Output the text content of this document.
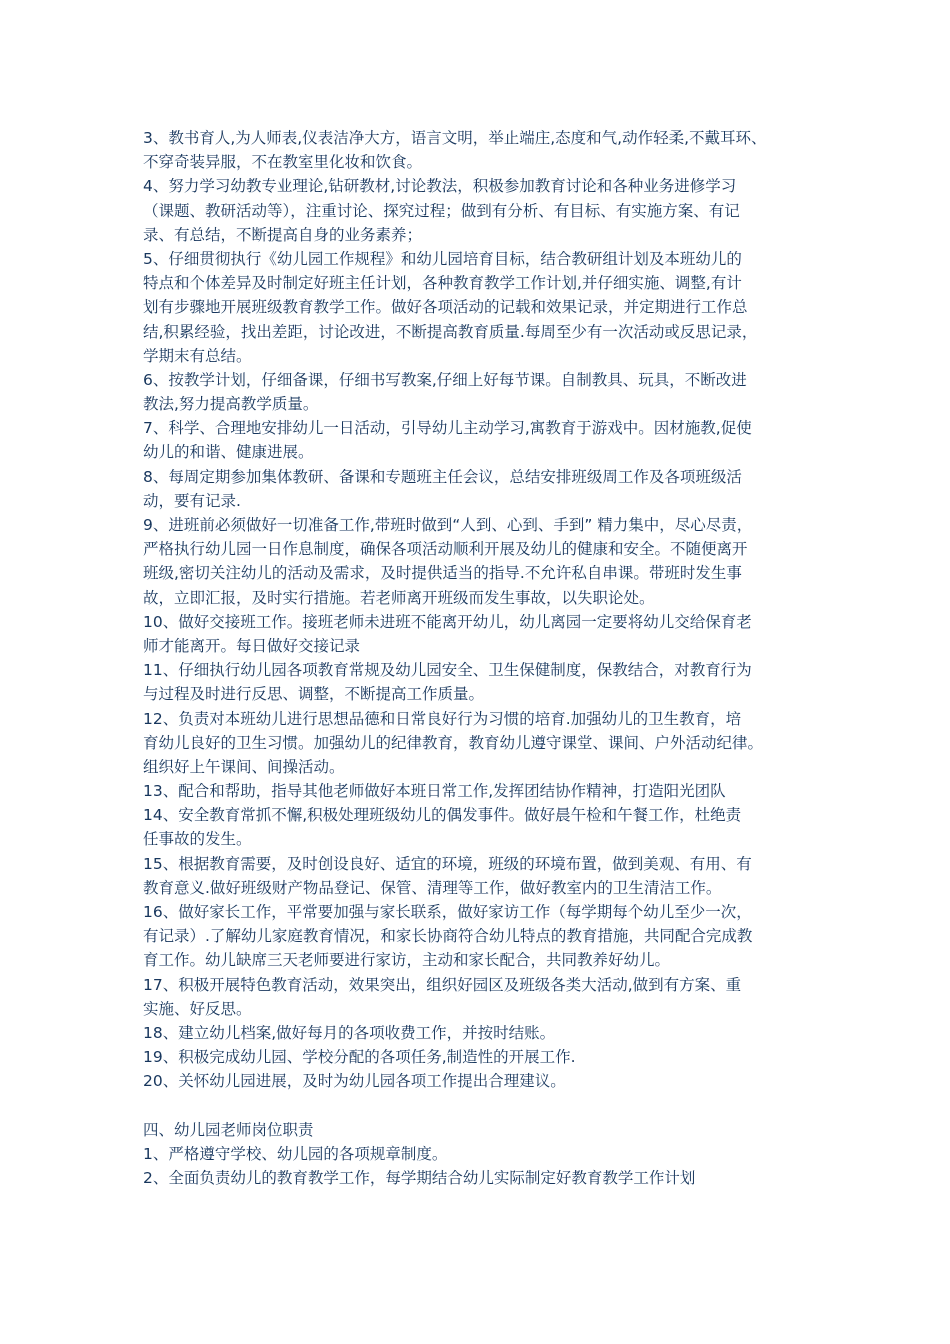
3、教书育人,为人师表,仪表洁净大方，语言文明，举止端庄,态度和气,动作轻柔,不戴耳环、
不穿奇装异服，不在教室里化妆和饮食。
4、努力学习幼教专业理论,钻研教材,讨论教法，积极参加教育讨论和各种业务进修学习
（课题、教研活动等），注重讨论、探究过程；做到有分析、有目标、有实施方案、有记
录、有总结，不断提高自身的业务素养；
5、仔细贯彻执行《幼儿园工作规程》和幼儿园培育目标，结合教研组计划及本班幼儿的
特点和个体差异及时制定好班主任计划，各种教育教学工作计划,并仔细实施、调整,有计
划有步骤地开展班级教育教学工作。做好各项活动的记载和效果记录，并定期进行工作总
结,积累经验，找出差距，讨论改进，不断提高教育质量.每周至少有一次活动或反思记录，
学期末有总结。
6、按教学计划，仔细备课，仔细书写教案,仔细上好每节课。自制教具、玩具，不断改进
教法,努力提高教学质量。
7、科学、合理地安排幼儿一日活动，引导幼儿主动学习,寓教育于游戏中。因材施教,促使
幼儿的和谐、健康进展。
8、每周定期参加集体教研、备课和专题班主任会议，总结安排班级周工作及各项班级活
动，要有记录.
9、进班前必须做好一切准备工作,带班时做到“人到、心到、手到” 精力集中，尽心尽责，
严格执行幼儿园一日作息制度，确保各项活动顺利开展及幼儿的健康和安全。不随便离开
班级,密切关注幼儿的活动及需求，及时提供适当的指导.不允许私自串课。带班时发生事
故，立即汇报，及时实行措施。若老师离开班级而发生事故，以失职论处。
10、做好交接班工作。接班老师未进班不能离开幼儿，幼儿离园一定要将幼儿交给保育老
师才能离开。每日做好交接记录
11、仔细执行幼儿园各项教育常规及幼儿园安全、卫生保健制度，保教结合，对教育行为
与过程及时进行反思、调整，不断提高工作质量。
12、负责对本班幼儿进行思想品德和日常良好行为习惯的培育.加强幼儿的卫生教育，培
育幼儿良好的卫生习惯。加强幼儿的纪律教育，教育幼儿遵守课堂、课间、户外活动纪律。
组织好上午课间、间操活动。
13、配合和帮助，指导其他老师做好本班日常工作,发挥团结协作精神，打造阳光团队
14、安全教育常抓不懈,积极处理班级幼儿的偶发事件。做好晨午检和午餐工作，杜绝责
任事故的发生。
15、根据教育需要，及时创设良好、适宜的环境，班级的环境布置，做到美观、有用、有
教育意义.做好班级财产物品登记、保管、清理等工作，做好教室内的卫生清洁工作。
16、做好家长工作，平常要加强与家长联系，做好家访工作（每学期每个幼儿至少一次，
有记录）.了解幼儿家庭教育情况，和家长协商符合幼儿特点的教育措施，共同配合完成教
育工作。幼儿缺席三天老师要进行家访，主动和家长配合，共同教养好幼儿。
17、积极开展特色教育活动，效果突出，组织好园区及班级各类大活动,做到有方案、重
实施、好反思。
18、建立幼儿档案,做好每月的各项收费工作，并按时结账。
19、积极完成幼儿园、学校分配的各项任务,制造性的开展工作.
20、关怀幼儿园进展，及时为幼儿园各项工作提出合理建议。
四、幼儿园老师岗位职责
1、严格遵守学校、幼儿园的各项规章制度。
2、全面负责幼儿的教育教学工作，每学期结合幼儿实际制定好教育教学工作计划
